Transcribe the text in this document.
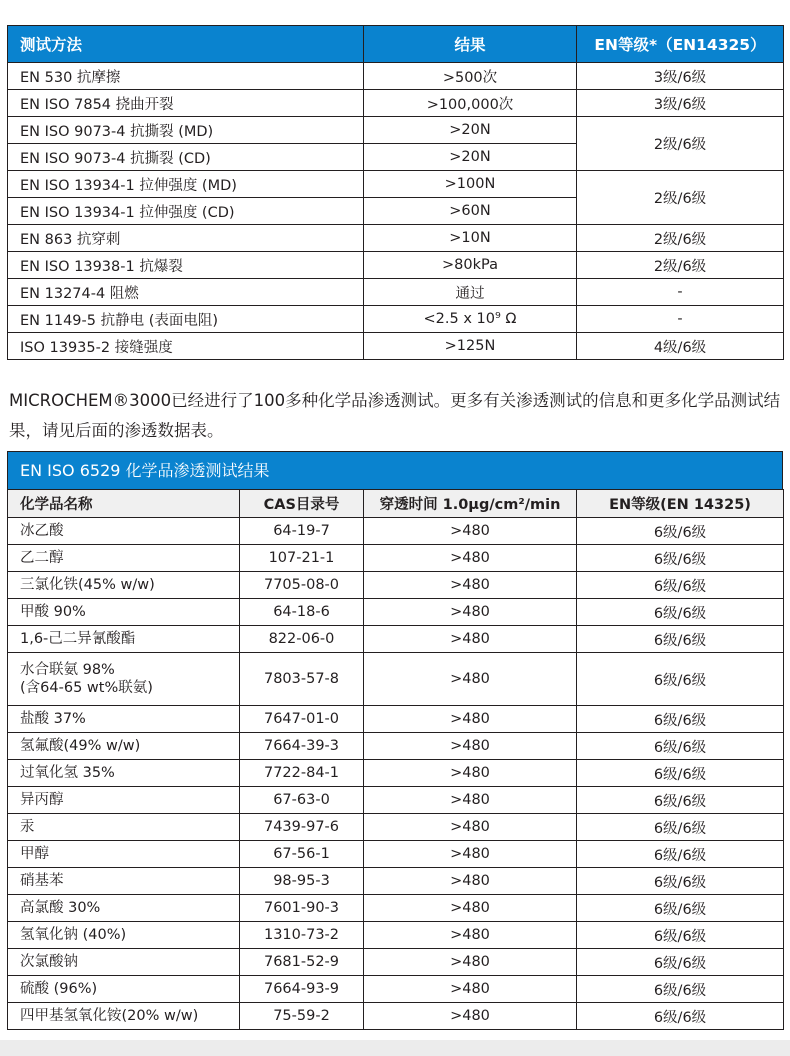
测试方法	结果	EN等级*（EN14325）
EN 530 抗摩擦	>500次	3级/6级
EN ISO 7854 挠曲开裂	>100,000次	3级/6级
EN ISO 9073-4 抗撕裂 (MD)	>20N	2级/6级
EN ISO 9073-4 抗撕裂 (CD)	>20N	
EN ISO 13934-1 拉伸强度 (MD)	>100N	2级/6级
EN ISO 13934-1 拉伸强度 (CD)	>60N	
EN 863 抗穿刺	>10N	2级/6级
EN ISO 13938-1 抗爆裂	>80kPa	2级/6级
EN 13274-4 阻燃	通过	-
EN 1149-5 抗静电 (表面电阻)	<2.5 x 10⁹ Ω	-
ISO 13935-2 接缝强度	>125N	4级/6级

MICROCHEM®3000已经进行了100多种化学品渗透测试。更多有关渗透测试的信息和更多化学品测试结果，请见后面的渗透数据表。

EN ISO 6529 化学品渗透测试结果
化学品名称	CAS目录号	穿透时间 1.0μg/cm²/min	EN等级(EN 14325)
冰乙酸	64-19-7	>480	6级/6级
乙二醇	107-21-1	>480	6级/6级
三氯化铁(45% w/w)	7705-08-0	>480	6级/6级
甲酸 90%	64-18-6	>480	6级/6级
1,6-己二异氰酸酯	822-06-0	>480	6级/6级
水合联氨 98%
(含64-65 wt%联氨)	7803-57-8	>480	6级/6级
盐酸 37%	7647-01-0	>480	6级/6级
氢氟酸(49% w/w)	7664-39-3	>480	6级/6级
过氧化氢 35%	7722-84-1	>480	6级/6级
异丙醇	67-63-0	>480	6级/6级
汞	7439-97-6	>480	6级/6级
甲醇	67-56-1	>480	6级/6级
硝基苯	98-95-3	>480	6级/6级
高氯酸 30%	7601-90-3	>480	6级/6级
氢氧化钠 (40%)	1310-73-2	>480	6级/6级
次氯酸钠	7681-52-9	>480	6级/6级
硫酸 (96%)	7664-93-9	>480	6级/6级
四甲基氢氧化铵(20% w/w)	75-59-2	>480	6级/6级
